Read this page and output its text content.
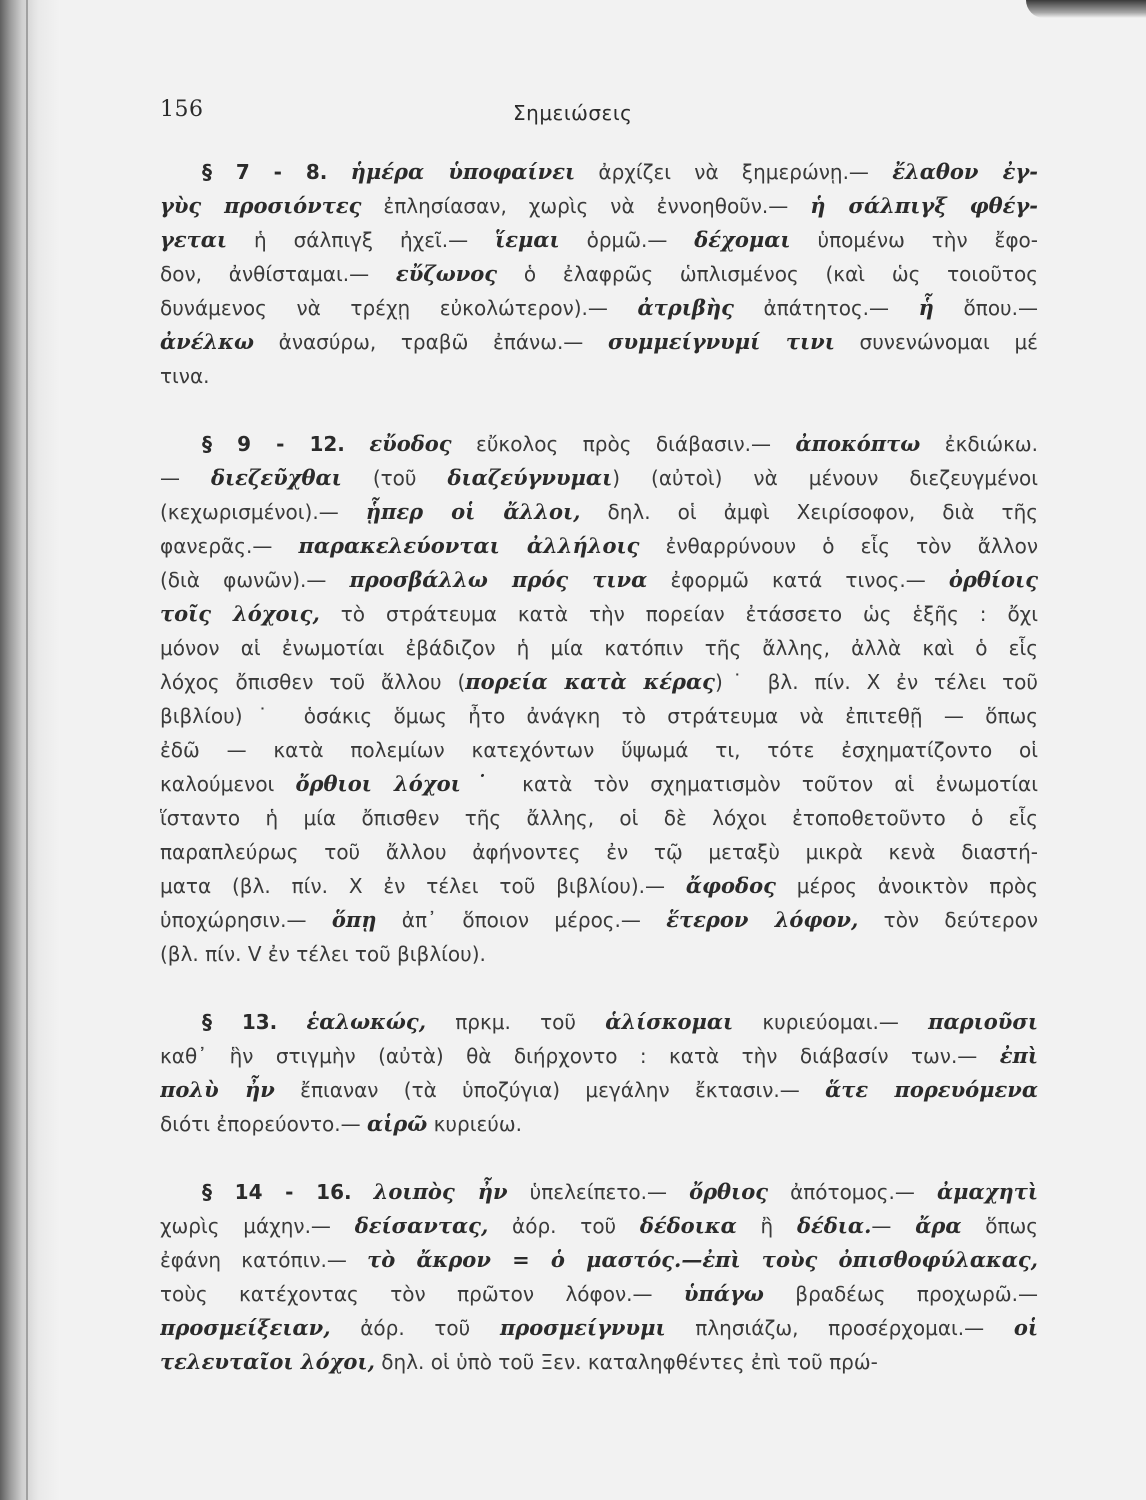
156	Σημειώσεις
§ 7 - 8. ἡμέρα ὑποφαίνει ἀρχίζει νὰ ξημερώνῃ.— ἔλαθον ἐγ-
γὺς προσιόντες ἐπλησίασαν, χωρὶς νὰ ἐννοηθοῦν.— ἡ σάλπιγξ φθέγ-
γεται ἡ σάλπιγξ ἠχεῖ.— ἵεμαι ὁρμῶ.— δέχομαι ὑπομένω τὴν ἔφο-
δον, ἀνθίσταμαι.— εὔζωνος ὁ ἐλαφρῶς ὡπλισμένος (καὶ ὡς τοιοῦτος
δυνάμενος νὰ τρέχῃ εὐκολώτερον).— ἀτριβὴς ἀπάτητος.— ἧ ὅπου.—
ἀνέλκω ἀνασύρω, τραβῶ ἐπάνω.— συμμείγνυμί τινι συνενώνομαι μέ
τινα.
§ 9 - 12. εὔοδος εὔκολος πρὸς διάβασιν.— ἀποκόπτω ἐκδιώκω.
— διεζεῦχθαι (τοῦ διαζεύγνυμαι) (αὐτοὶ) νὰ μένουν διεζευγμένοι
(κεχωρισμένοι).— ᾗπερ οἱ ἄλλοι, δηλ. οἱ ἀμφὶ Χειρίσοφον, διὰ τῆς
φανερᾶς.— παρακελεύονται ἀλλήλοις ἐνθαρρύνουν ὁ εἷς τὸν ἄλλον
(διὰ φωνῶν).— προσβάλλω πρός τινα ἐφορμῶ κατά τινος.— ὀρθίοις
τοῖς λόχοις, τὸ στράτευμα κατὰ τὴν πορείαν ἐτάσσετο ὡς ἑξῆς : ὄχι
μόνον αἱ ἐνωμοτίαι ἐβάδιζον ἡ μία κατόπιν τῆς ἄλλης, ἀλλὰ καὶ ὁ εἷς
λόχος ὄπισθεν τοῦ ἄλλου (πορεία κατὰ κέρας)˙ βλ. πίν. Χ ἐν τέλει τοῦ
βιβλίου)˙ ὁσάκις ὅμως ἦτο ἀνάγκη τὸ στράτευμα νὰ ἐπιτεθῇ — ὅπως
ἐδῶ — κατὰ πολεμίων κατεχόντων ὕψωμά τι, τότε ἐσχηματίζοντο οἱ
καλούμενοι ὄρθιοι λόχοι˙ κατὰ τὸν σχηματισμὸν τοῦτον αἱ ἐνωμοτίαι
ἵσταντο ἡ μία ὄπισθεν τῆς ἄλλης, οἱ δὲ λόχοι ἐτοποθετοῦντο ὁ εἷς
παραπλεύρως τοῦ ἄλλου ἀφήνοντες ἐν τῷ μεταξὺ μικρὰ κενὰ διαστή-
ματα (βλ. πίν. Χ ἐν τέλει τοῦ βιβλίου).— ἄφοδος μέρος ἀνοικτὸν πρὸς
ὑποχώρησιν.— ὅπῃ ἀπ᾿ ὅποιον μέρος.— ἕτερον λόφον, τὸν δεύτερον
(βλ. πίν. V ἐν τέλει τοῦ βιβλίου).
§ 13. ἑαλωκώς, πρκμ. τοῦ ἁλίσκομαι κυριεύομαι.— παριοῦσι
καθ᾿ ἣν στιγμὴν (αὐτὰ) θὰ διήρχοντο : κατὰ τὴν διάβασίν των.— ἐπὶ
πολὺ ἦν ἔπιαναν (τὰ ὑποζύγια) μεγάλην ἔκτασιν.— ἅτε πορευόμενα
διότι ἐπορεύοντο.— αἱρῶ κυριεύω.
§ 14 - 16. λοιπὸς ἦν ὑπελείπετο.— ὄρθιος ἀπότομος.— ἀμαχητὶ
χωρὶς μάχην.— δείσαντας, ἀόρ. τοῦ δέδοικα ἢ δέδια.— ἄρα ὅπως
ἐφάνη κατόπιν.— τὸ ἄκρον = ὁ μαστός.—ἐπὶ τοὺς ὀπισθοφύλακας,
τοὺς κατέχοντας τὸν πρῶτον λόφον.— ὑπάγω βραδέως προχωρῶ.—
προσμείξειαν, ἀόρ. τοῦ προσμείγνυμι πλησιάζω, προσέρχομαι.— οἱ
τελευταῖοι λόχοι, δηλ. οἱ ὑπὸ τοῦ Ξεν. καταληφθέντες ἐπὶ τοῦ πρώ-
